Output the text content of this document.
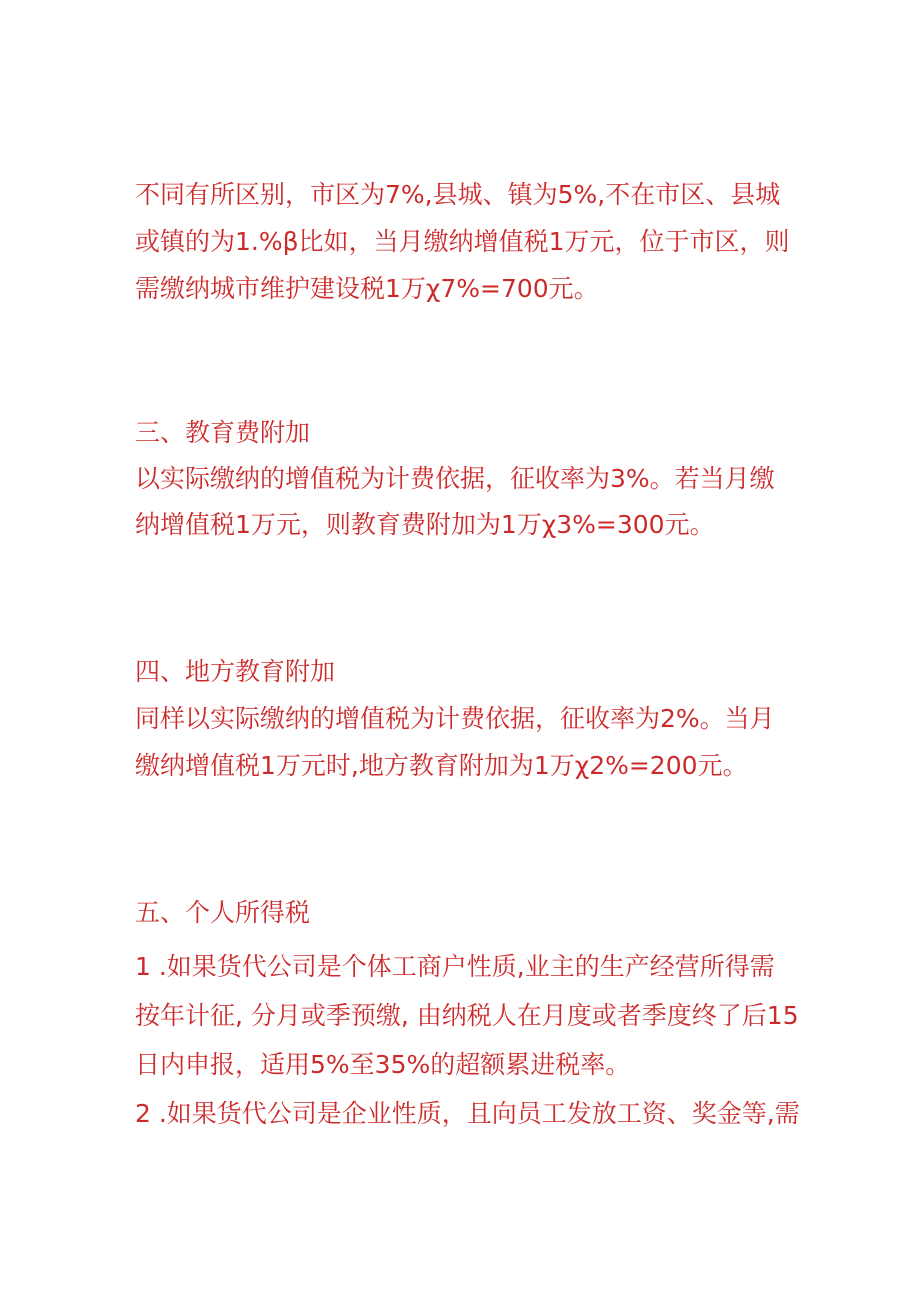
不同有所区别，市区为7%,县城、镇为5%,不在市区、县城
或镇的为1.%β比如，当月缴纳增值税1万元，位于市区，则
需缴纳城市维护建设税1万χ7%=700元。
三、教育费附加
以实际缴纳的增值税为计费依据，征收率为3%。若当月缴
纳增值税1万元，则教育费附加为1万χ3%=300元。
四、地方教育附加
同样以实际缴纳的增值税为计费依据，征收率为2%。当月
缴纳增值税1万元时,地方教育附加为1万χ2%=200元。
五、个人所得税
1 .如果货代公司是个体工商户性质,业主的生产经营所得需
按年计征, 分月或季预缴, 由纳税人在月度或者季度终了后15
日内申报，适用5%至35%的超额累进税率。
2 .如果货代公司是企业性质，且向员工发放工资、奖金等,需
